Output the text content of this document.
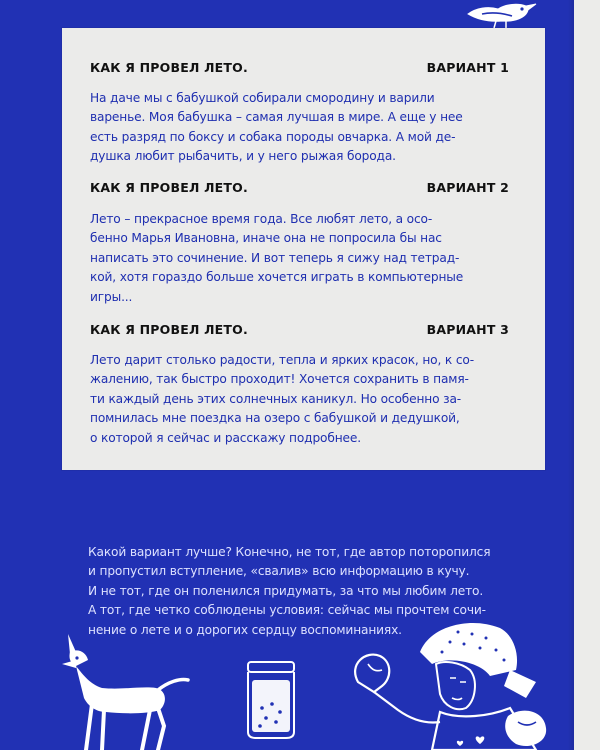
КАК Я ПРОВЕЛ ЛЕТО.	ВАРИАНТ 1
На даче мы с бабушкой собирали смородину и варили
варенье. Моя бабушка – самая лучшая в мире. А еще у нее
есть разряд по боксу и собака породы овчарка. А мой де-
душка любит рыбачить, и у него рыжая борода.
КАК Я ПРОВЕЛ ЛЕТО.	ВАРИАНТ 2
Лето – прекрасное время года. Все любят лето, а осо-
бенно Марья Ивановна, иначе она не попросила бы нас
написать это сочинение. И вот теперь я сижу над тетрад-
кой, хотя гораздо больше хочется играть в компьютерные
игры...
КАК Я ПРОВЕЛ ЛЕТО.	ВАРИАНТ 3
Лето дарит столько радости, тепла и ярких красок, но, к со-
жалению, так быстро проходит! Хочется сохранить в памя-
ти каждый день этих солнечных каникул. Но особенно за-
помнилась мне поездка на озеро с бабушкой и дедушкой,
о которой я сейчас и расскажу подробнее.
Какой вариант лучше? Конечно, не тот, где автор поторопился
и пропустил вступление, «свалив» всю информацию в кучу.
И не тот, где он поленился придумать, за что мы любим лето.
А тот, где четко соблюдены условия: сейчас мы прочтем сочи-
нение о лете и о дорогих сердцу воспоминаниях.
